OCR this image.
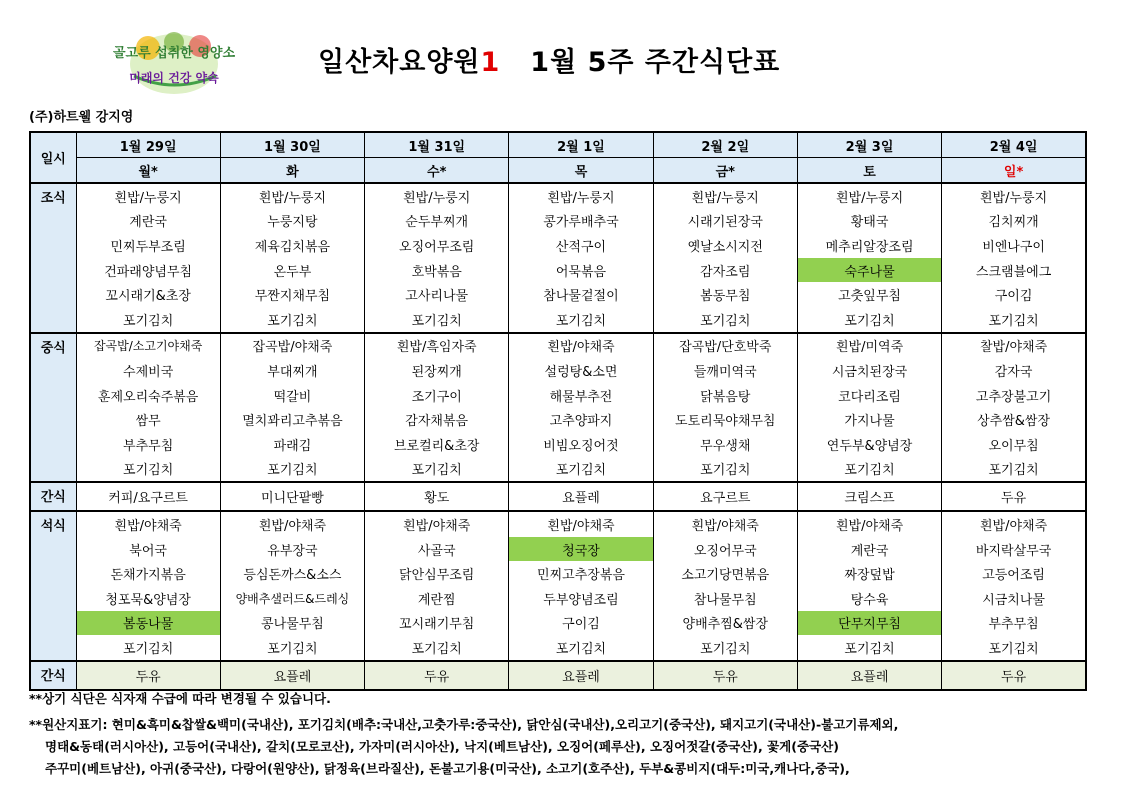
골고루 섭취한 영양소
미래의 건강 약속	일산차요양원1 1월 5주 주간식단표
(주)하트웰 강지영
일시	1월 29일	1월 30일	1월 31일	2월 1일	2월 2일	2월 3일	2월 4일
	월*	화	수*	목	금*	토	일*
조식	흰밥/누룽지	흰밥/누룽지	흰밥/누룽지	흰밥/누룽지	흰밥/누룽지	흰밥/누룽지	흰밥/누룽지
	계란국	누룽지탕	순두부찌개	콩가루배추국	시래기된장국	황태국	김치찌개
	민찌두부조림	제육김치볶음	오징어무조림	산적구이	옛날소시지전	메추리알장조림	비엔나구이
	건파래양념무침	온두부	호박볶음	어묵볶음	감자조림	숙주나물	스크램블에그
	꼬시래기&초장	무짠지채무침	고사리나물	참나물겉절이	봄동무침	고춧잎무침	구이김
	포기김치	포기김치	포기김치	포기김치	포기김치	포기김치	포기김치
중식	잡곡밥/소고기야채죽	잡곡밥/야채죽	흰밥/흑임자죽	흰밥/야채죽	잡곡밥/단호박죽	흰밥/미역죽	찰밥/야채죽
	수제비국	부대찌개	된장찌개	설렁탕&소면	들깨미역국	시금치된장국	감자국
	훈제오리숙주볶음	떡갈비	조기구이	해물부추전	닭볶음탕	코다리조림	고추장불고기
	쌈무	멸치꽈리고추볶음	감자채볶음	고추양파지	도토리묵야채무침	가지나물	상추쌈&쌈장
	부추무침	파래김	브로컬리&초장	비빔오징어젓	무우생채	연두부&양념장	오이무침
	포기김치	포기김치	포기김치	포기김치	포기김치	포기김치	포기김치
간식	커피/요구르트	미니단팥빵	황도	요플레	요구르트	크림스프	두유
석식	흰밥/야채죽	흰밥/야채죽	흰밥/야채죽	흰밥/야채죽	흰밥/야채죽	흰밥/야채죽	흰밥/야채죽
	북어국	유부장국	사골국	청국장	오징어무국	계란국	바지락살무국
	돈채가지볶음	등심돈까스&소스	닭안심무조림	민찌고추장볶음	소고기당면볶음	짜장덮밥	고등어조림
	청포묵&양념장	양배추샐러드&드레싱	계란찜	두부양념조림	참나물무침	탕수육	시금치나물
	봄동나물	콩나물무침	꼬시래기무침	구이김	양배추찜&쌈장	단무지무침	부추무침
	포기김치	포기김치	포기김치	포기김치	포기김치	포기김치	포기김치
간식	두유	요플레	두유	요플레	두유	요플레	두유
**상기 식단은 식자재 수급에 따라 변경될 수 있습니다.
**원산지표기: 현미&흑미&찹쌀&백미(국내산), 포기김치(배추:국내산,고춧가루:중국산), 닭안심(국내산),오리고기(중국산), 돼지고기(국내산)-불고기류제외,
명태&동태(러시아산), 고등어(국내산), 갈치(모로코산), 가자미(러시아산), 낙지(베트남산), 오징어(페루산), 오징어젓갈(중국산), 꽃게(중국산)
주꾸미(베트남산), 아귀(중국산), 다랑어(원양산), 닭정육(브라질산), 돈불고기용(미국산), 소고기(호주산), 두부&콩비지(대두:미국,캐나다,중국),
